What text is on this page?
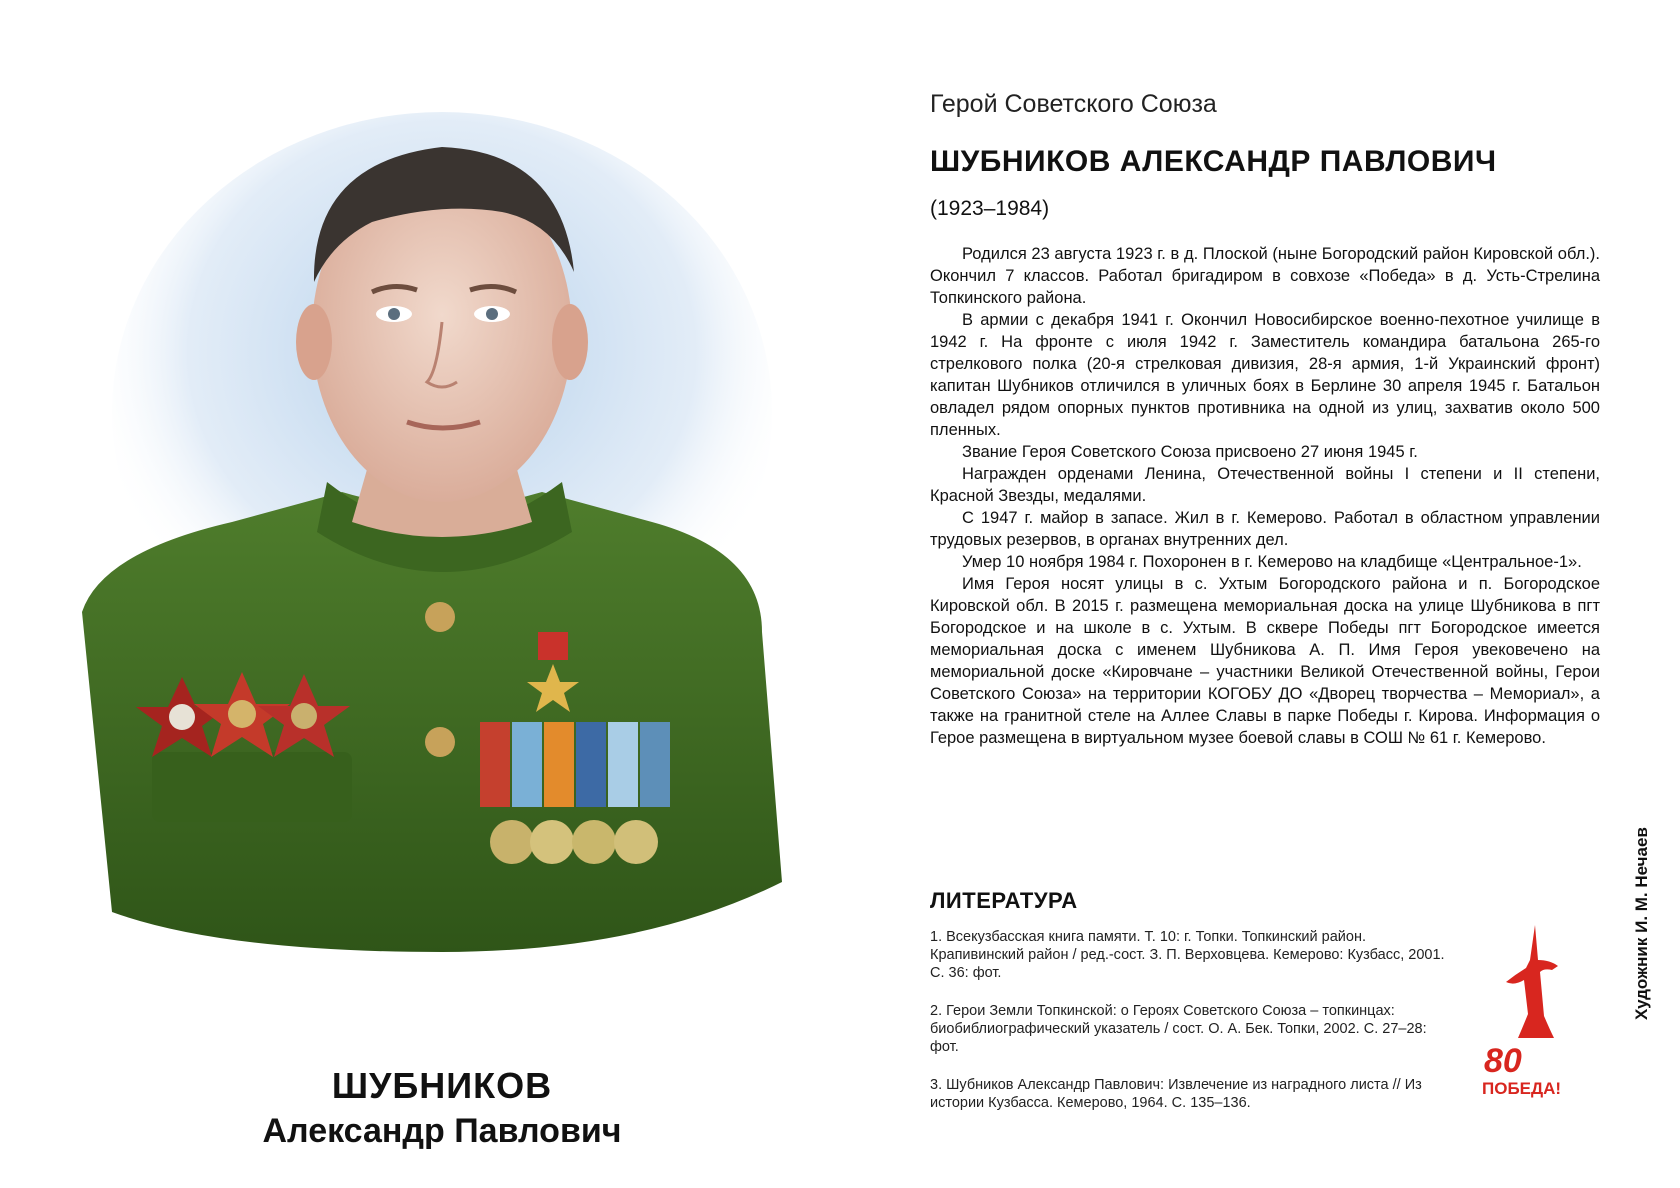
ШУБНИКОВ
Александр Павлович
Герой Советского Союза
ШУБНИКОВ АЛЕКСАНДР ПАВЛОВИЧ
(1923–1984)

Родился 23 августа 1923 г. в д. Плоской (ныне Богородский район Кировской обл.). Окончил 7 классов. Работал бригадиром в совхозе «Победа» в д. Усть-Стрелина Топкинского района.

В армии с декабря 1941 г. Окончил Новосибирское военно-пехотное училище в 1942 г. На фронте с июля 1942 г. Заместитель командира батальона 265-го стрелкового полка (20-я стрелковая дивизия, 28-я армия, 1-й Украинский фронт) капитан Шубников отличился в уличных боях в Берлине 30 апреля 1945 г. Батальон овладел рядом опорных пунктов противника на одной из улиц, захватив около 500 пленных.

Звание Героя Советского Союза присвоено 27 июня 1945 г.

Награжден орденами Ленина, Отечественной войны I степени и II степени, Красной Звезды, медалями.

С 1947 г. майор в запасе. Жил в г. Кемерово. Работал в областном управлении трудовых резервов, в органах внутренних дел.

Умер 10 ноября 1984 г. Похоронен в г. Кемерово на кладбище «Центральное-1».

Имя Героя носят улицы в с. Ухтым Богородского района и п. Богородское Кировской обл. В 2015 г. размещена мемориальная доска на улице Шубникова в пгт Богородское и на школе в с. Ухтым. В сквере Победы пгт Богородское имеется мемориальная доска с именем Шубникова А. П. Имя Героя увековечено на мемориальной доске «Кировчане – участники Великой Отечественной войны, Герои Советского Союза» на территории КОГОБУ ДО «Дворец творчества – Мемориал», а также на гранитной стеле на Аллее Славы в парке Победы г. Кирова. Информация о Герое размещена в виртуальном музее боевой славы в СОШ № 61 г. Кемерово.

ЛИТЕРАТУРА

1. Всекузбасская книга памяти. Т. 10: г. Топки. Топкинский район. Крапивинский район / ред.-сост. З. П. Верховцева. Кемерово: Кузбасс, 2001. С. 36: фот.

2. Герои Земли Топкинской: о Героях Советского Союза – топкинцах: биобиблиографический указатель / сост. О. А. Бек. Топки, 2002. С. 27–28: фот.

3. Шубников Александр Павлович: Извлечение из наградного листа // Из истории Кузбасса. Кемерово, 1964. С. 135–136.

80
ПОБЕДА!
Художник И. М. Нечаев
